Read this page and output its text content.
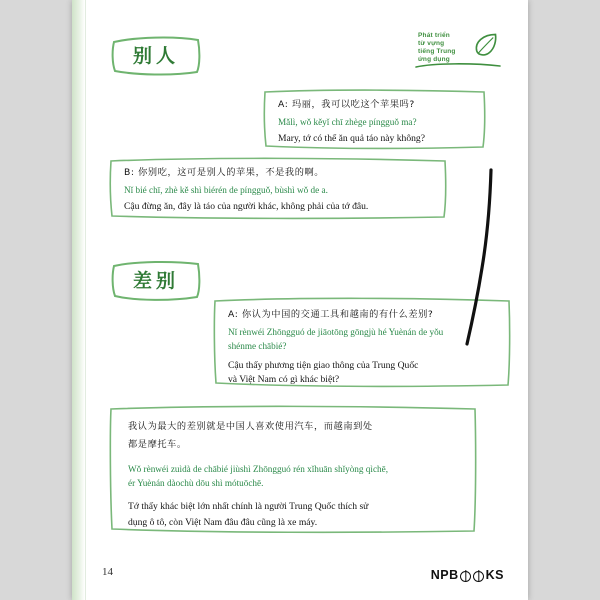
Phát triển
từ vựng
tiếng Trung
ứng dụng
别人

A: 玛丽，我可以吃这个苹果吗?

Mǎlì, wǒ kěyǐ chī zhège píngguǒ ma?

Mary, tớ có thể ăn quả táo này không?

B: 你别吃，这可是别人的苹果，不是我的啊。

Nǐ bié chī, zhè kě shì biérén de píngguǒ, bùshì wǒ de a.

Cậu đừng ăn, đây là táo của người khác, không phải của tớ đâu.

差别

A: 你认为中国的交通工具和越南的有什么差别?

Nǐ rènwéi Zhōngguó de jiāotōng gōngjù hé Yuènán de yǒu

shénme chābié?

Cậu thấy phương tiện giao thông của Trung Quốc

và Việt Nam có gì khác biệt?

我认为最大的差别就是中国人喜欢使用汽车，而越南到处

都是摩托车。

Wǒ rènwéi zuìdà de chābié jiùshì Zhōngguó rén xǐhuān shǐyòng qìchē,

ér Yuènán dàochù dōu shì mótuōchē.

Tớ thấy khác biệt lớn nhất chính là người Trung Quốc thích sử

dụng ô tô, còn Việt Nam đâu đâu cũng là xe máy.

14	NPB KS
